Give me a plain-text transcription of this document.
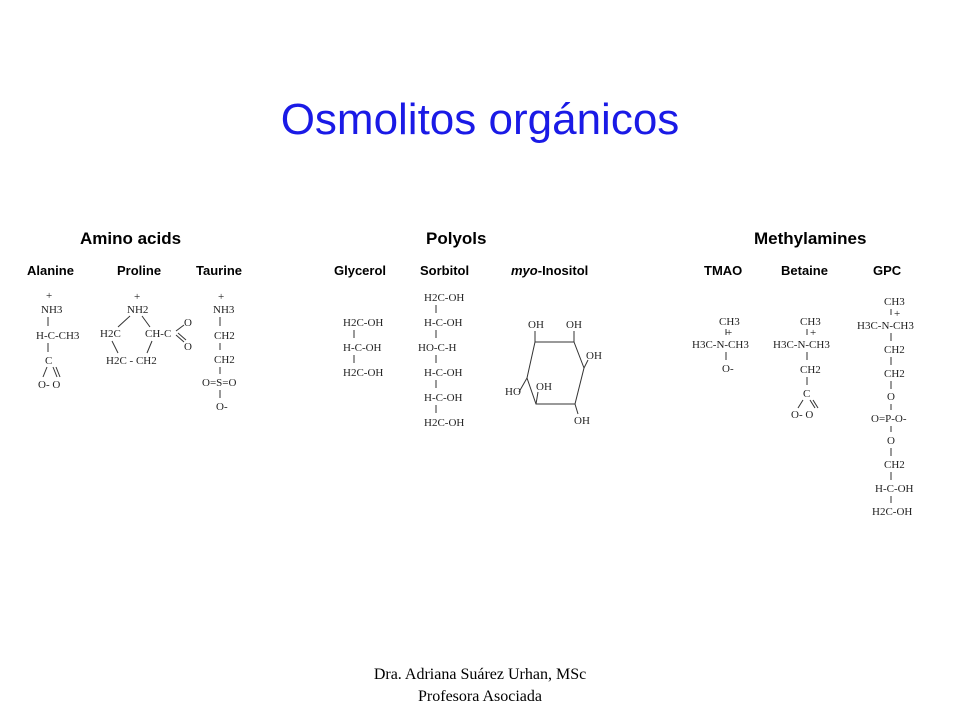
Osmolitos orgánicos
Amino acids	Polyols	Methylamines
Alanine	Proline	Taurine	Glycerol	Sorbitol	myo-Inositol	TMAO	Betaine	GPC
+
NH3
H-C-CH3
C
O- O
+
NH2
H2C CH-C
O
O
H2C - CH2
+
NH3
CH2
CH2
O=S=O
O-
H2C-OH
H-C-OH
H2C-OH
H2C-OH
H-C-OH
HO-C-H
H-C-OH
H-C-OH
H2C-OH
OH OH
OH
OH
HO
OH
CH3
+
H3C-N-CH3
O-
CH3
+
H3C-N-CH3
CH2
C
O- O
CH3
+
H3C-N-CH3
CH2
CH2
O
O=P-O-
O
CH2
H-C-OH
H2C-OH
Dra. Adriana Suárez Urhan, MSc
Profesora Asociada
